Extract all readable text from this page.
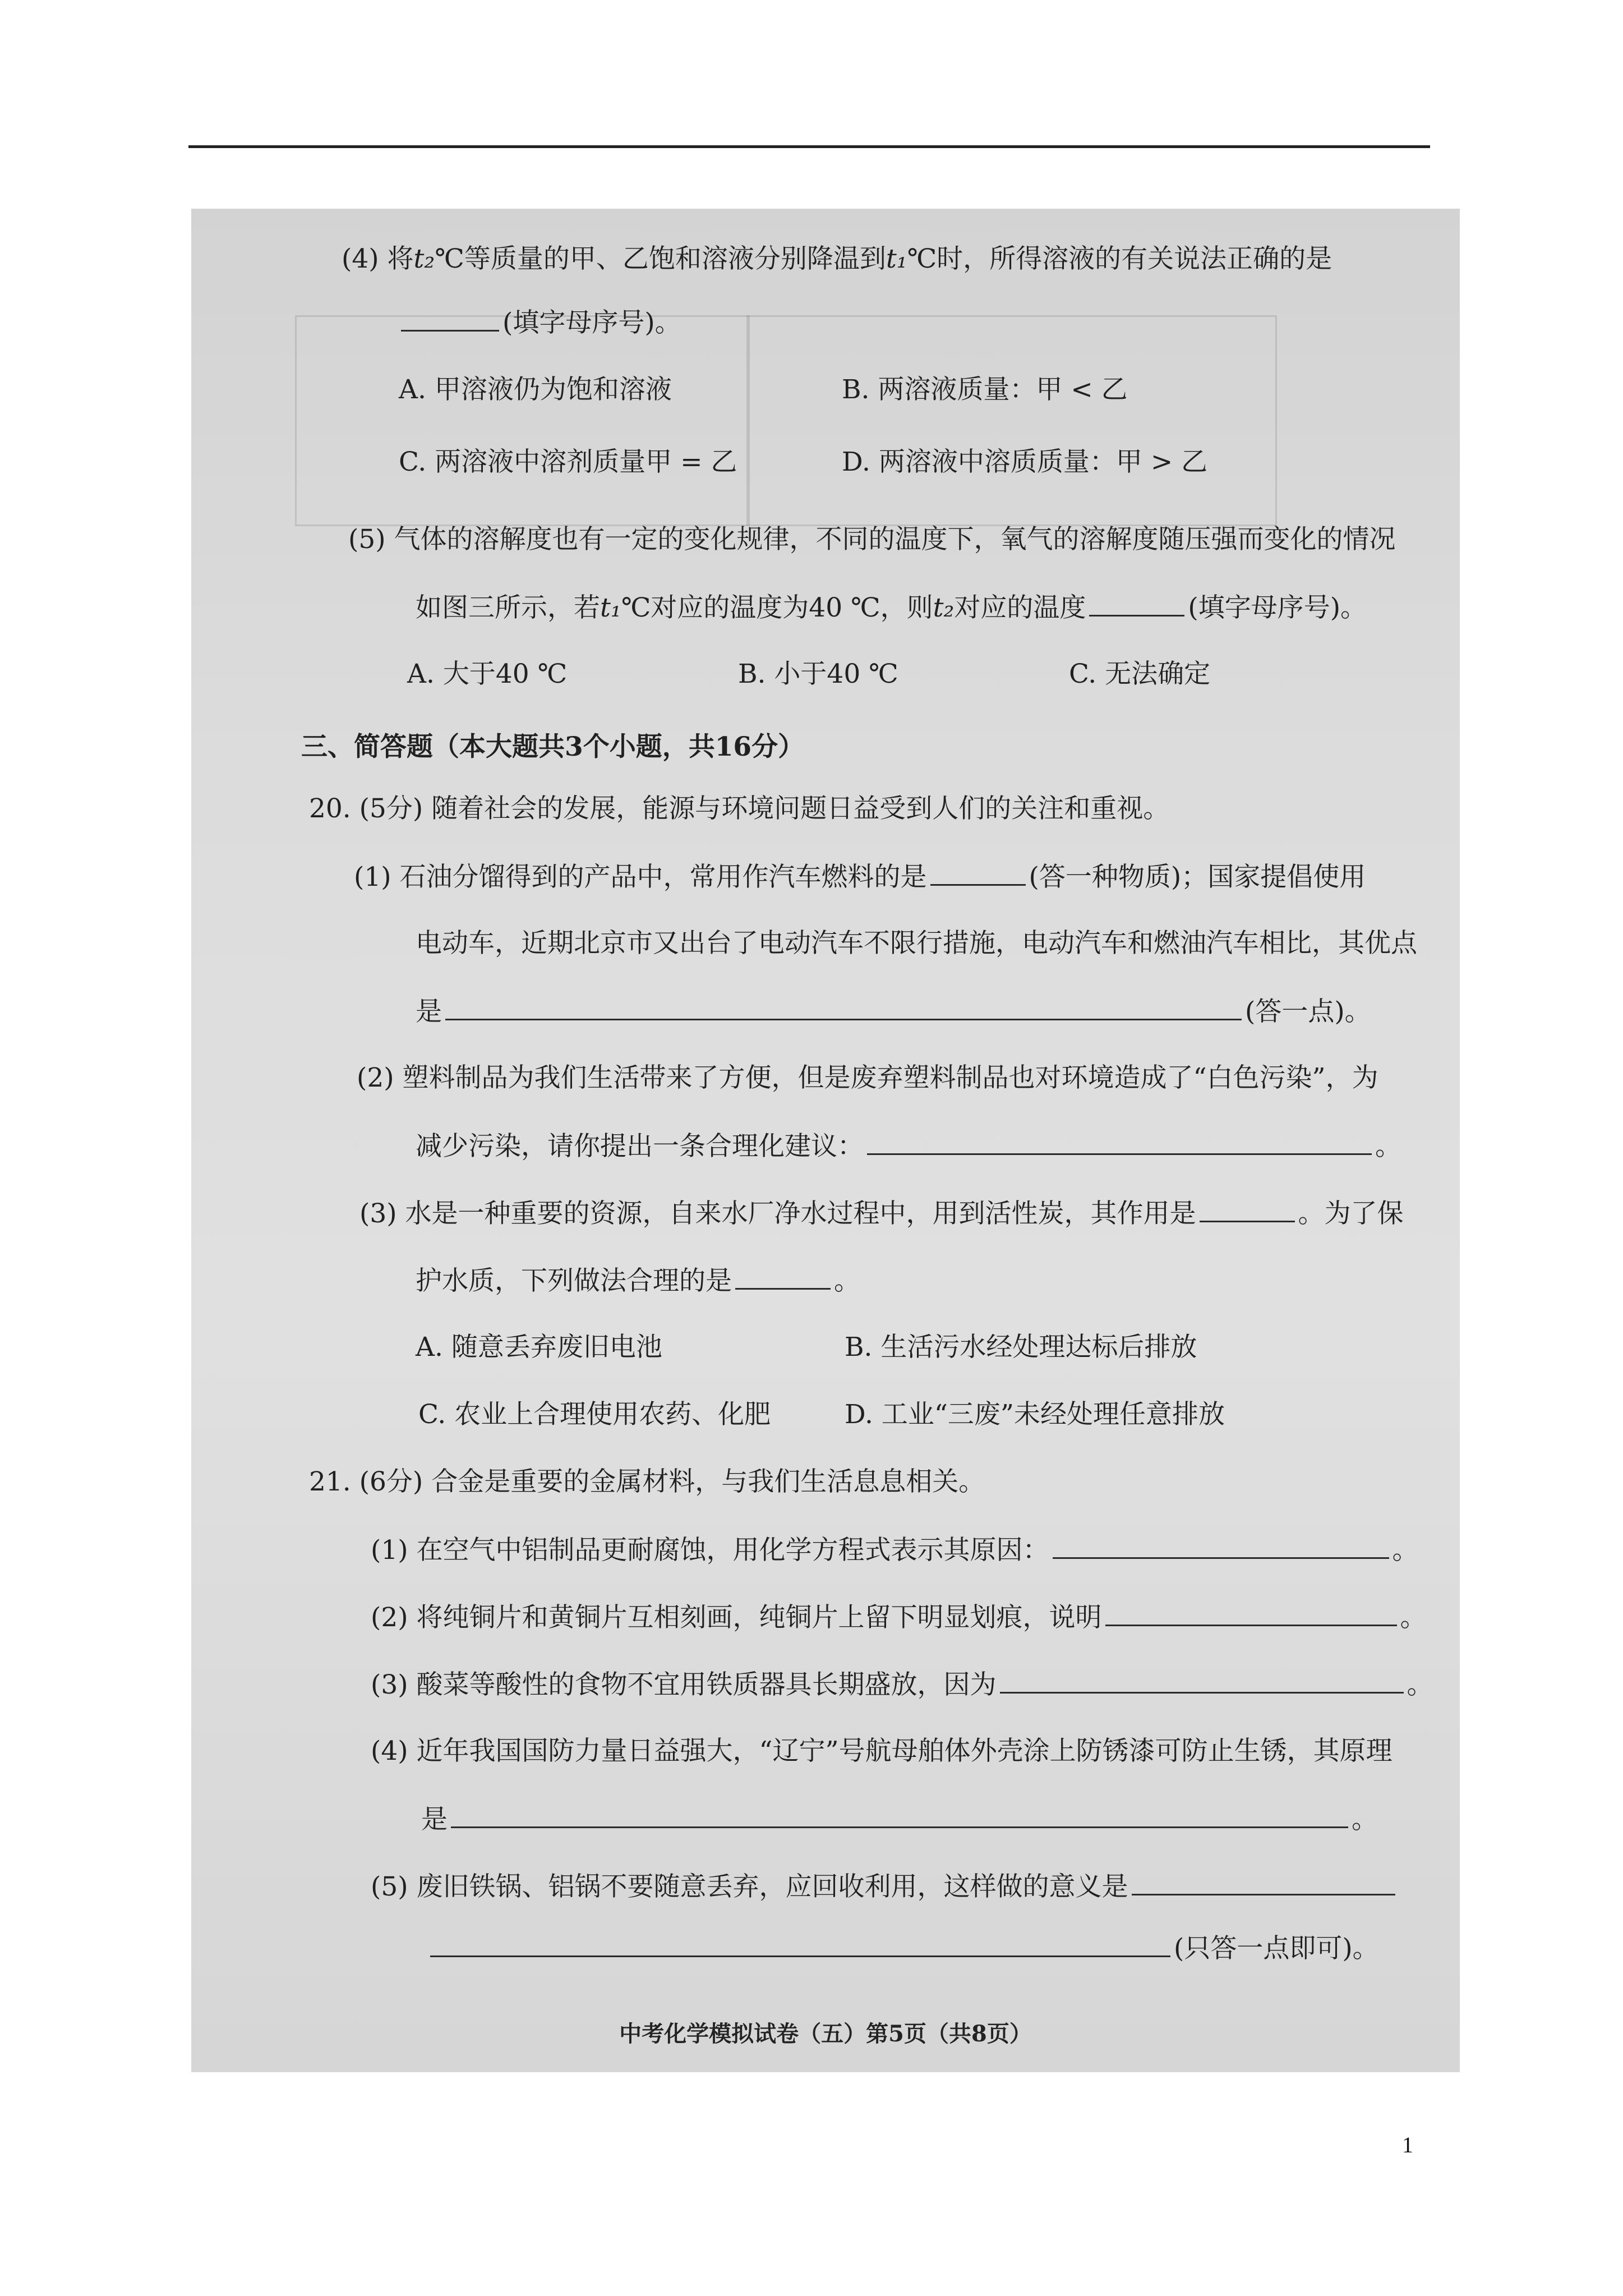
(4) 将t₂℃等质量的甲、乙饱和溶液分别降温到t₁℃时，所得溶液的有关说法正确的是
(填字母序号)。
A. 甲溶液仍为饱和溶液	B. 两溶液质量：甲 < 乙
C. 两溶液中溶剂质量甲 = 乙	D. 两溶液中溶质质量：甲 > 乙
(5) 气体的溶解度也有一定的变化规律，不同的温度下，氧气的溶解度随压强而变化的情况
如图三所示，若t₁℃对应的温度为40 ℃，则t₂对应的温度	(填字母序号)。
A. 大于40 ℃	B. 小于40 ℃	C. 无法确定
三、简答题（本大题共3个小题，共16分）
20. (5分) 随着社会的发展，能源与环境问题日益受到人们的关注和重视。
(1) 石油分馏得到的产品中，常用作汽车燃料的是	(答一种物质)；国家提倡使用
电动车，近期北京市又出台了电动汽车不限行措施，电动汽车和燃油汽车相比，其优点
是	(答一点)。
(2) 塑料制品为我们生活带来了方便，但是废弃塑料制品也对环境造成了“白色污染”，为
减少污染，请你提出一条合理化建议：	。
(3) 水是一种重要的资源，自来水厂净水过程中，用到活性炭，其作用是	。为了保
护水质，下列做法合理的是	。
A. 随意丢弃废旧电池	B. 生活污水经处理达标后排放
C. 农业上合理使用农药、化肥	D. 工业“三废”未经处理任意排放
21. (6分) 合金是重要的金属材料，与我们生活息息相关。
(1) 在空气中铝制品更耐腐蚀，用化学方程式表示其原因：	。
(2) 将纯铜片和黄铜片互相刻画，纯铜片上留下明显划痕，说明	。
(3) 酸菜等酸性的食物不宜用铁质器具长期盛放，因为	。
(4) 近年我国国防力量日益强大，“辽宁”号航母舶体外壳涂上防锈漆可防止生锈，其原理
是	。
(5) 废旧铁锅、铝锅不要随意丢弃，应回收利用，这样做的意义是
(只答一点即可)。
中考化学模拟试卷（五）第5页（共8页）
1
